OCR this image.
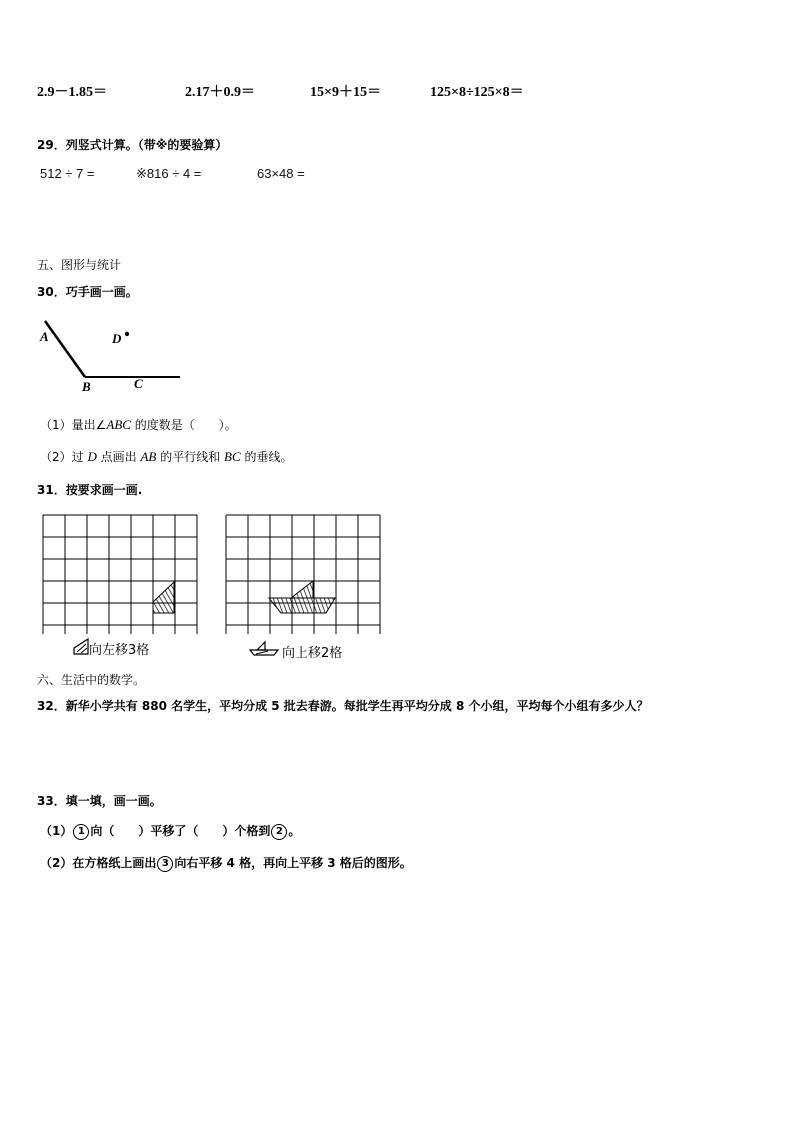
2.9－1.85＝	2.17＋0.9＝	15×9＋15＝	125×8÷125×8＝
29．列竖式计算。（带※的要验算）
512 ÷ 7 =	※816 ÷ 4 =	63×48 =
五、图形与统计
30．巧手画一画。
A	D
B	C
（1）量出∠ABC 的度数是（　　）。
（2）过 D 点画出 AB 的平行线和 BC 的垂线。
31．按要求画一画.
向左移3格	向上移2格
六、生活中的数学。
32．新华小学共有 880 名学生，平均分成 5 批去春游。每批学生再平均分成 8 个小组，平均每个小组有多少人？
33．填一填，画一画。
（1） 1 向（　　）平移了（　　）个格到 2 。
（2）在方格纸上画出 3 向右平移 4 格，再向上平移 3 格后的图形。
